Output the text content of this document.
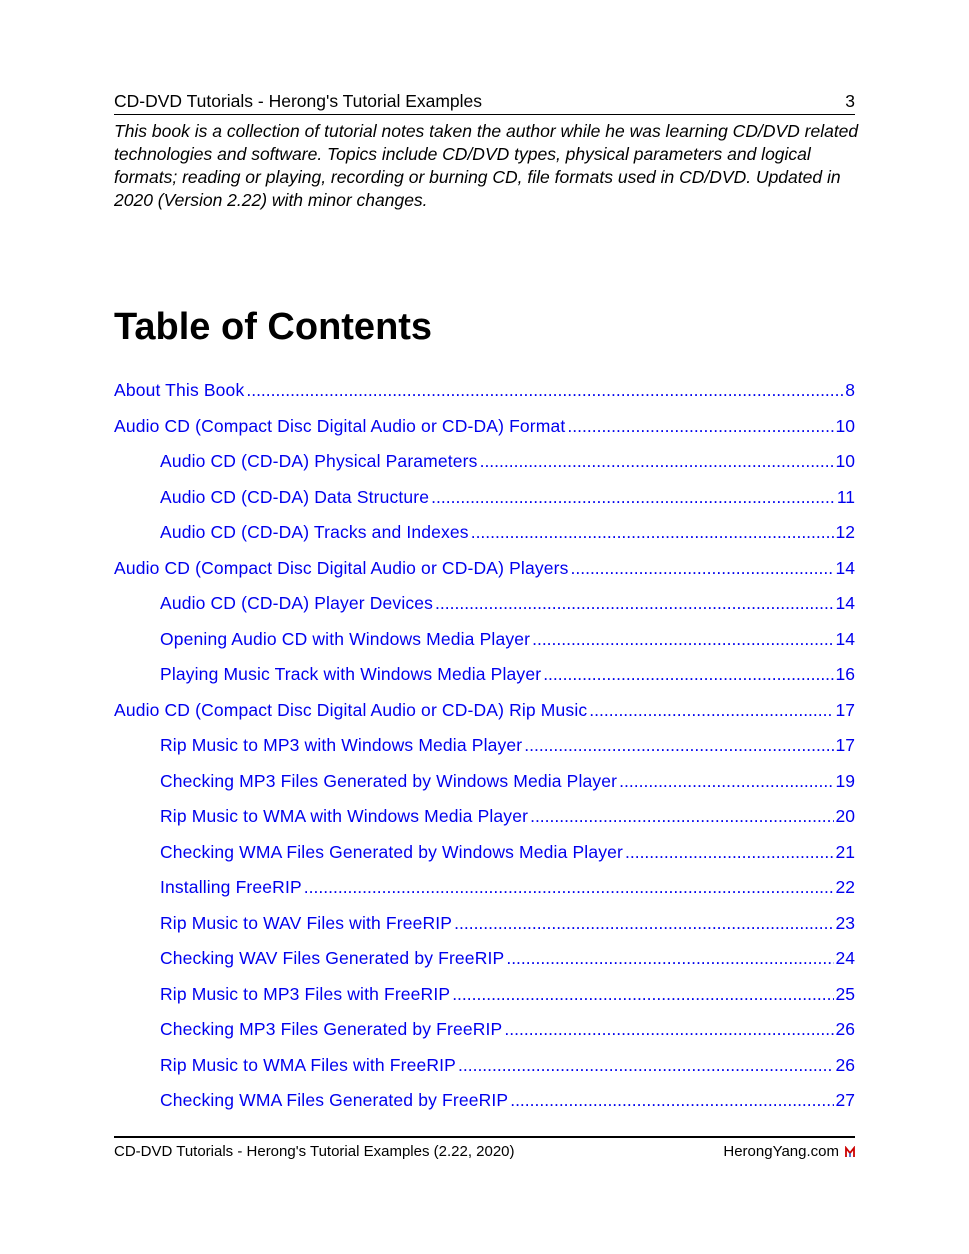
CD-DVD Tutorials - Herong's Tutorial Examples	3

This book is a collection of tutorial notes taken the author while he was learning CD/DVD related technologies and software. Topics include CD/DVD types, physical parameters and logical formats; reading or playing, recording or burning CD, file formats used in CD/DVD. Updated in 2020 (Version 2.22) with minor changes.

Table of Contents
About This Book .....	8
Audio CD (Compact Disc Digital Audio or CD-DA) Format .....	10
Audio CD (CD-DA) Physical Parameters .....	10
Audio CD (CD-DA) Data Structure .....	11
Audio CD (CD-DA) Tracks and Indexes .....	12
Audio CD (Compact Disc Digital Audio or CD-DA) Players .....	14
Audio CD (CD-DA) Player Devices .....	14
Opening Audio CD with Windows Media Player .....	14
Playing Music Track with Windows Media Player .....	16
Audio CD (Compact Disc Digital Audio or CD-DA) Rip Music .....	17
Rip Music to MP3 with Windows Media Player .....	17
Checking MP3 Files Generated by Windows Media Player .....	19
Rip Music to WMA with Windows Media Player .....	20
Checking WMA Files Generated by Windows Media Player .....	21
Installing FreeRIP .....	22
Rip Music to WAV Files with FreeRIP .....	23
Checking WAV Files Generated by FreeRIP .....	24
Rip Music to MP3 Files with FreeRIP .....	25
Checking MP3 Files Generated by FreeRIP .....	26
Rip Music to WMA Files with FreeRIP .....	26
Checking WMA Files Generated by FreeRIP .....	27
CD-DVD Tutorials - Herong's Tutorial Examples (2.22, 2020)	HerongYang.com
